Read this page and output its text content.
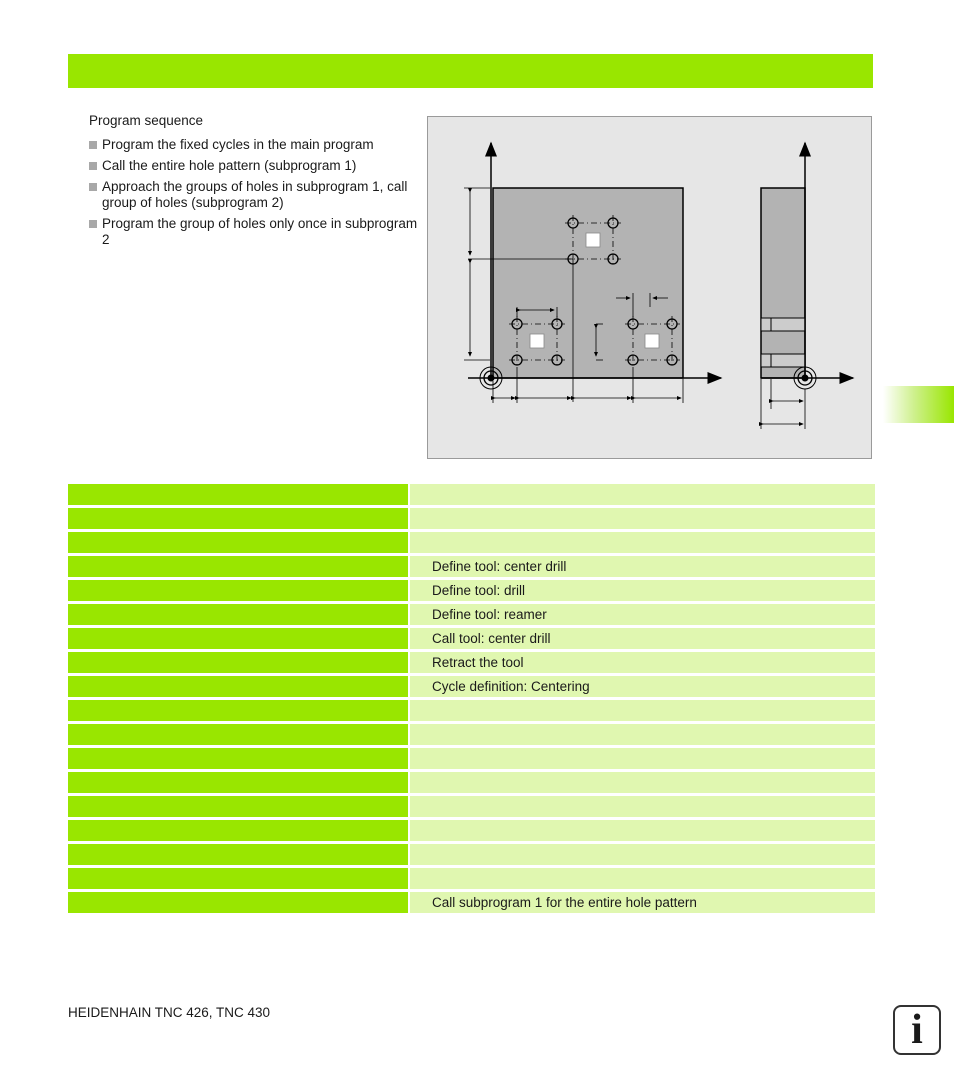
Program sequence

Program the fixed cycles in the main program
Call the entire hole pattern (subprogram 1)
Approach the groups of holes in subprogram 1, call group of holes (subprogram 2)
Program the group of holes only once in subprogram 2
Define tool: center drill
Define tool: drill
Define tool: reamer
Call tool: center drill
Retract the tool
Cycle definition: Centering
Call subprogram 1 for the entire hole pattern
HEIDENHAIN TNC 426, TNC 430	i
